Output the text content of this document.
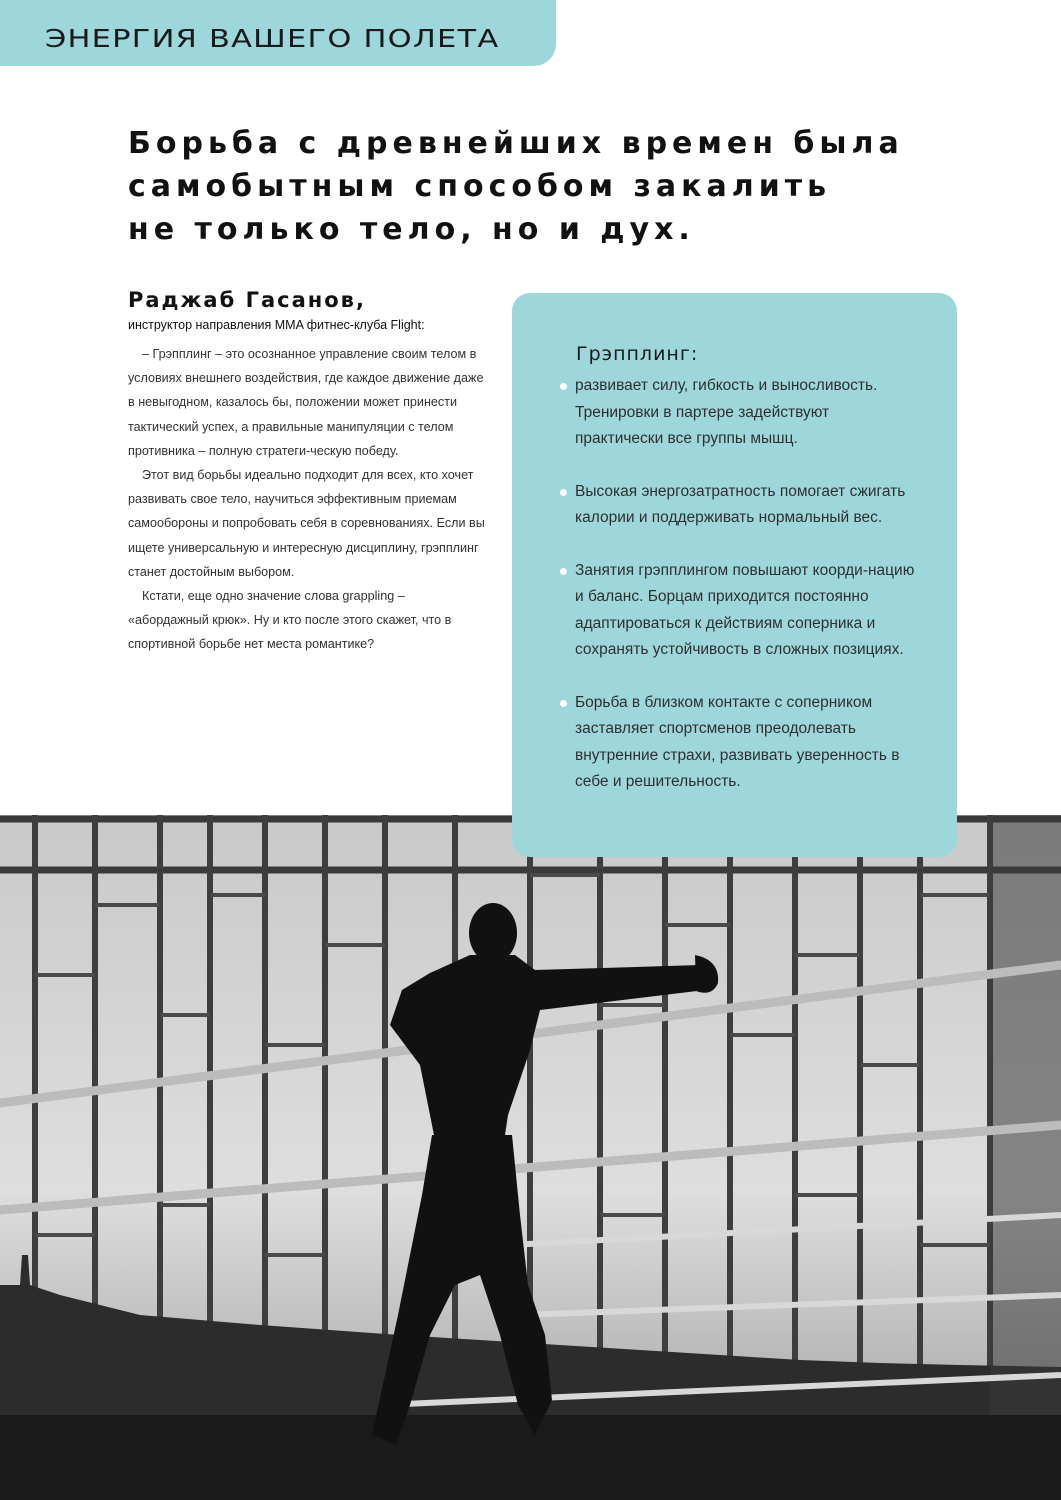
ЭНЕРГИЯ ВАШЕГО ПОЛЕТА
Борьба с древнейших времен была
самобытным способом закалить
не только тело, но и дух.
Раджаб Гасанов,
инструктор направления MMA фитнес-клуба Flight:

– Грэпплинг – это осознанное управление своим телом в условиях внешнего воздействия, где каждое движение даже в невыгодном, казалось бы, положении может принести тактический успех, а правильные манипуляции с телом противника – полную стратеги-ческую победу.

Этот вид борьбы идеально подходит для всех, кто хочет развивать свое тело, научиться эффективным приемам самообороны и попробовать себя в соревнованиях. Если вы ищете универсальную и интересную дисциплину, грэпплинг станет достойным выбором.

Кстати, еще одно значение слова grappling – «абордажный крюк». Ну и кто после этого скажет, что в спортивной борьбе нет места романтике?

Грэпплинг:
развивает силу, гибкость и выносливость. Тренировки в партере задействуют практически все группы мышц.
Высокая энергозатратность помогает сжигать калории и поддерживать нормальный вес.
Занятия грэпплингом повышают коорди-нацию и баланс. Борцам приходится постоянно адаптироваться к действиям соперника и сохранять устойчивость в сложных позициях.
Борьба в близком контакте с соперником заставляет спортсменов преодолевать внутренние страхи, развивать уверенность в себе и решительность.
